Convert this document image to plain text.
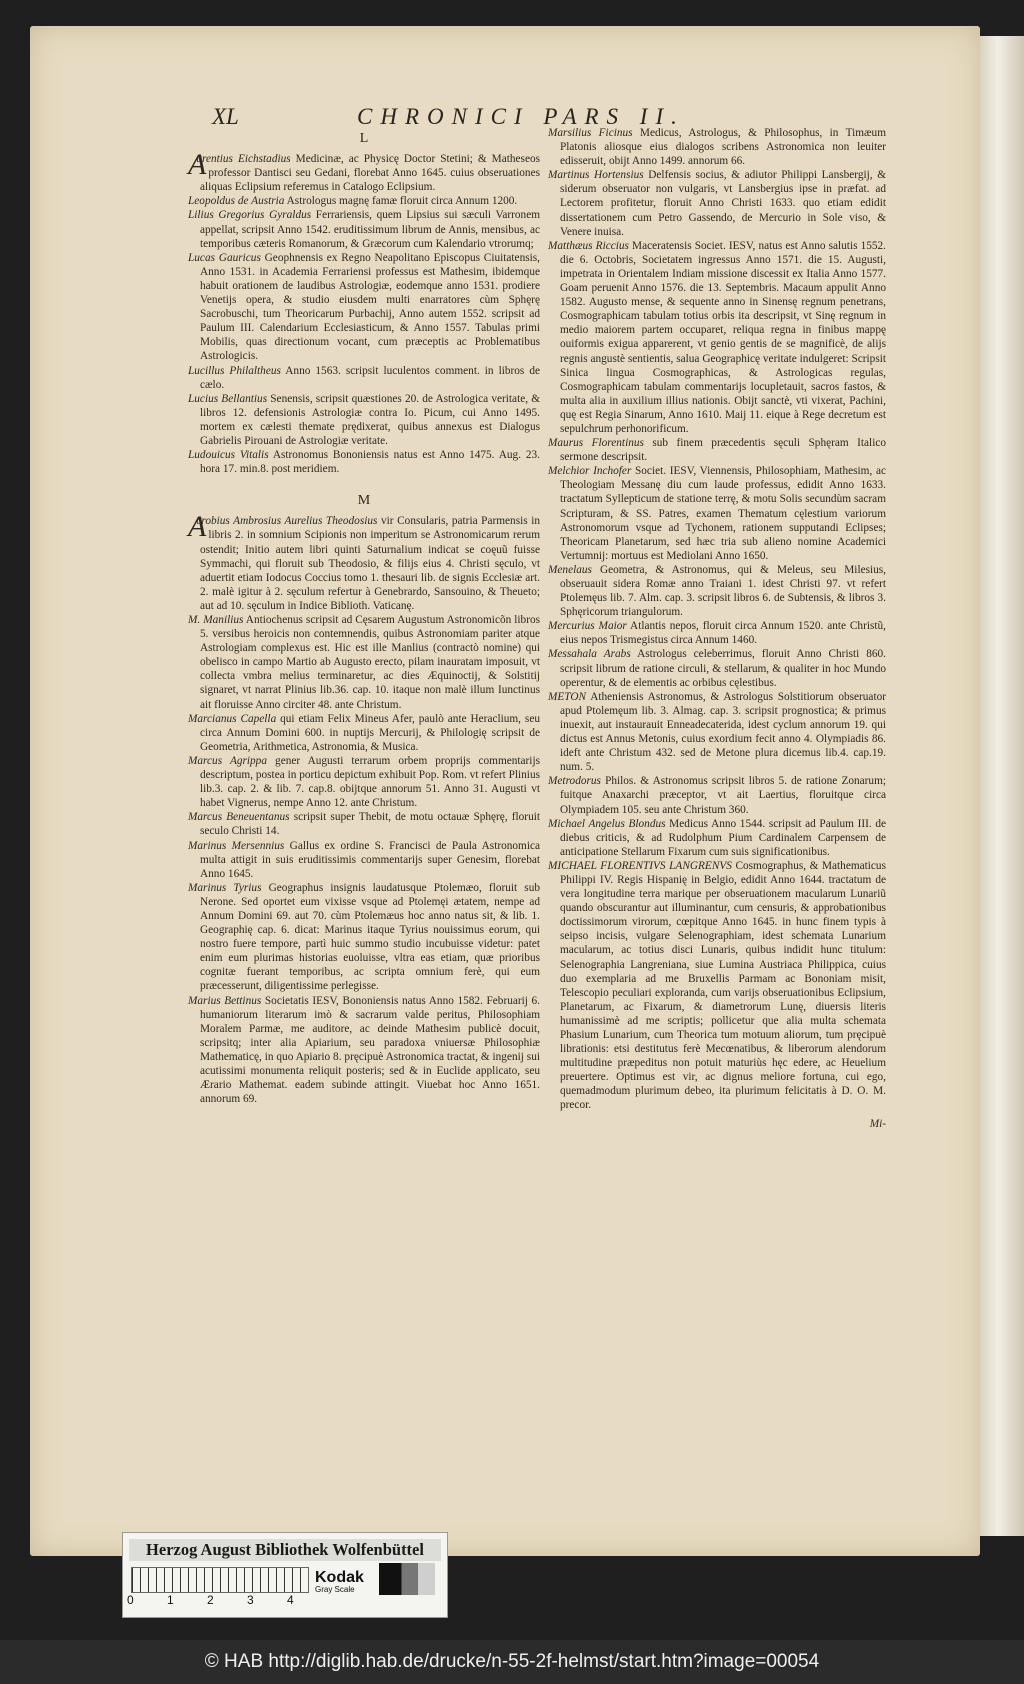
XL	CHRONICI PARS II.
L
Aurentius Eichstadius Medicinæ, ac Physicę Doctor Stetini; & Matheseos professor Dantisci seu Gedani, florebat Anno 1645. cuius obseruationes aliquas Eclipsium referemus in Catalogo Eclipsium.
Leopoldus de Austria Astrologus magnę famæ floruit circa Annum 1200.
Lilius Gregorius Gyraldus Ferrariensis, quem Lipsius sui sæculi Varronem appellat, scripsit Anno 1542. eruditissimum librum de Annis, mensibus, ac temporibus cæteris Romanorum, & Græcorum cum Kalendario vtrorumq;
Lucas Gauricus Geophnensis ex Regno Neapolitano Episcopus Ciuitatensis, Anno 1531. in Academia Ferrariensi professus est Mathesim, ibidemque habuit orationem de laudibus Astrologiæ, eodemque anno 1531. prodiere Venetijs opera, & studio eiusdem multi enarratores cùm Sphęrę Sacrobuschi, tum Theoricarum Purbachij, Anno autem 1552. scripsit ad Paulum III. Calendarium Ecclesiasticum, & Anno 1557. Tabulas primi Mobilis, quas directionum vocant, cum præceptis ac Problematibus Astrologicis.
Lucillus Philaltheus Anno 1563. scripsit luculentos comment. in libros de cælo.
Lucius Bellantius Senensis, scripsit quæstiones 20. de Astrologica veritate, & libros 12. defensionis Astrologiæ contra Io. Picum, cui Anno 1495. mortem ex cælesti themate prędixerat, quibus annexus est Dialogus Gabrielis Pirouani de Astrologiæ veritate.
Ludouicus Vitalis Astronomus Bononiensis natus est Anno 1475. Aug. 23. hora 17. min.8. post meridiem.
M
Acrobius Ambrosius Aurelius Theodosius vir Consularis, patria Parmensis in libris 2. in somnium Scipionis non imperitum se Astronomicarum rerum ostendit; Initio autem libri quinti Saturnalium indicat se coęuũ fuisse Symmachi, qui floruit sub Theodosio, & filijs eius 4. Christi sęculo, vt aduertit etiam Iodocus Coccius tomo 1. thesauri lib. de signis Ecclesiæ art. 2. malè igitur à 2. sęculum refertur à Genebrardo, Sansouino, & Theueto; aut ad 10. sęculum in Indice Biblioth. Vaticanę.
M. Manilius Antiochenus scripsit ad Cęsarem Augustum Astronomicõn libros 5. versibus heroicis non contemnendis, quibus Astronomiam pariter atque Astrologiam complexus est. Hic est ille Manlius (contractò nomine) qui obelisco in campo Martio ab Augusto erecto, pilam inauratam imposuit, vt collecta vmbra melius terminaretur, ac dies Æquinoctij, & Solstitij signaret, vt narrat Plinius lib.36. cap. 10. itaque non malè illum Iunctinus ait floruisse Anno circiter 48. ante Christum.
Marcianus Capella qui etiam Felix Mineus Afer, paulò ante Heraclium, seu circa Annum Domini 600. in nuptijs Mercurij, & Philologię scripsit de Geometria, Arithmetica, Astronomia, & Musica.
Marcus Agrippa gener Augusti terrarum orbem proprijs commentarijs descriptum, postea in porticu depictum exhibuit Pop. Rom. vt refert Plinius lib.3. cap. 2. & lib. 7. cap.8. obijtque annorum 51. Anno 31. Augusti vt habet Vignerus, nempe Anno 12. ante Christum.
Marcus Beneuentanus scripsit super Thebit, de motu octauæ Sphęrę, floruit seculo Christi 14.
Marinus Mersennius Gallus ex ordine S. Francisci de Paula Astronomica multa attigit in suis eruditissimis commentarijs super Genesim, florebat Anno 1645.
Marinus Tyrius Geographus insignis laudatusque Ptolemæo, floruit sub Nerone. Sed oportet eum vixisse vsque ad Ptolemęi ætatem, nempe ad Annum Domini 69. aut 70. cùm Ptolemæus hoc anno natus sit, & lib. 1. Geographię cap. 6. dicat: Marinus itaque Tyrius nouissimus eorum, qui nostro fuere tempore, partì huic summo studio incubuisse videtur: patet enim eum plurimas historias euoluisse, vltra eas etiam, quæ prioribus cognitæ fuerant temporibus, ac scripta omnium ferè, qui eum præcesserunt, diligentissime perlegisse.
Marius Bettinus Societatis IESV, Bononiensis natus Anno 1582. Februarij 6. humaniorum literarum imò & sacrarum valde peritus, Philosophiam Moralem Parmæ, me auditore, ac deinde Mathesim publicè docuit, scripsitq; inter alia Apiarium, seu paradoxa vniuersæ Philosophiæ Mathematicę, in quo Apiario 8. pręcipuè Astronomica tractat, & ingenij sui acutissimi monumenta reliquit posteris; sed & in Euclide applicato, seu Ærario Mathemat. eadem subinde attingit. Viuebat hoc Anno 1651. annorum 69.
Marsilius Ficinus Medicus, Astrologus, & Philosophus, in Timæum Platonis aliosque eius dialogos scribens Astronomica non leuiter edisseruit, obijt Anno 1499. annorum 66.
Martinus Hortensius Delfensis socius, & adiutor Philippi Lansbergij, & siderum obseruator non vulgaris, vt Lansbergius ipse in præfat. ad Lectorem profitetur, floruit Anno Christi 1633. quo etiam edidit dissertationem cum Petro Gassendo, de Mercurio in Sole viso, & Venere inuisa.
Matthæus Riccius Maceratensis Societ. IESV, natus est Anno salutis 1552. die 6. Octobris, Societatem ingressus Anno 1571. die 15. Augusti, impetrata in Orientalem Indiam missione discessit ex Italia Anno 1577. Goam peruenit Anno 1576. die 13. Septembris. Macaum appulit Anno 1582. Augusto mense, & sequente anno in Sinensę regnum penetrans, Cosmographicam tabulam totius orbis ita descripsit, vt Sinę regnum in medio maiorem partem occuparet, reliqua regna in finibus mappę ouiformis exigua apparerent, vt genio gentis de se magnificè, de alijs regnis angustè sentientis, salua Geographicę veritate indulgeret: Scripsit Sinica lingua Cosmographicas, & Astrologicas regulas, Cosmographicam tabulam commentarijs locupletauit, sacros fastos, & multa alia in auxilium illius nationis. Obijt sanctè, vti vixerat, Pachini, quę est Regia Sinarum, Anno 1610. Maij 11. eique à Rege decretum est sepulchrum perhonorificum.
Maurus Florentinus sub finem præcedentis sęculi Sphęram Italico sermone descripsit.
Melchior Inchofer Societ. IESV, Viennensis, Philosophiam, Mathesim, ac Theologiam Messanę diu cum laude professus, edidit Anno 1633. tractatum Syllepticum de statione terrę, & motu Solis secundùm sacram Scripturam, & SS. Patres, examen Thematum cęlestium variorum Astronomorum vsque ad Tychonem, rationem supputandi Eclipses; Theoricam Planetarum, sed hæc tria sub alieno nomine Academici Vertumnij: mortuus est Mediolani Anno 1650.
Menelaus Geometra, & Astronomus, qui & Meleus, seu Milesius, obseruauit sidera Romæ anno Traiani 1. idest Christi 97. vt refert Ptolemęus lib. 7. Alm. cap. 3. scripsit libros 6. de Subtensis, & libros 3. Sphęricorum triangulorum.
Mercurius Maior Atlantis nepos, floruit circa Annum 1520. ante Christũ, eius nepos Trismegistus circa Annum 1460.
Messahala Arabs Astrologus celeberrimus, floruit Anno Christi 860. scripsit librum de ratione circuli, & stellarum, & qualiter in hoc Mundo operentur, & de elementis ac orbibus cęlestibus.
METON Atheniensis Astronomus, & Astrologus Solstitiorum obseruator apud Ptolemęum lib. 3. Almag. cap. 3. scripsit prognostica; & primus inuexit, aut instaurauit Enneadecaterida, idest cyclum annorum 19. qui dictus est Annus Metonis, cuius exordium fecit anno 4. Olympiadis 86. ideft ante Christum 432. sed de Metone plura dicemus lib.4. cap.19. num. 5.
Metrodorus Philos. & Astronomus scripsit libros 5. de ratione Zonarum; fuitque Anaxarchi præceptor, vt ait Laertius, floruitque circa Olympiadem 105. seu ante Christum 360.
Michael Angelus Blondus Medicus Anno 1544. scripsit ad Paulum III. de diebus criticis, & ad Rudolphum Pium Cardinalem Carpensem de anticipatione Stellarum Fixarum cum suis significationibus.
MICHAEL FLORENTIVS LANGRENVS Cosmographus, & Mathematicus Philippi IV. Regis Hispanię in Belgio, edidit Anno 1644. tractatum de vera longitudine terra marique per obseruationem macularum Lunariũ quando obscurantur aut illuminantur, cum censuris, & approbationibus doctissimorum virorum, cœpitque Anno 1645. in hunc finem typis à seipso incisis, vulgare Selenographiam, idest schemata Lunarium macularum, ac totius disci Lunaris, quibus indidit hunc titulum: Selenographia Langreniana, siue Lumina Austriaca Philippica, cuius duo exemplaria ad me Bruxellis Parmam ac Bononiam misit, Telescopio peculiari exploranda, cum varijs obseruationibus Eclipsium, Planetarum, ac Fixarum, & diametrorum Lunę, diuersis literis humanissimè ad me scriptis; pollicetur que alia multa schemata Phasium Lunarium, cum Theorica tum motuum aliorum, tum pręcipuè librationis: etsi destitutus ferè Mecœnatibus, & liberorum alendorum multitudine præpeditus non potuit maturiùs hęc edere, ac Heuelium preuertere. Optimus est vir, ac dignus meliore fortuna, cui ego, quemadmodum plurimum debeo, ita plurimum felicitatis à D. O. M. precor.
Mi-
Herzog August Bibliothek Wolfenbüttel
0	1	2	3	4
Kodak
Gray Scale
© HAB http://diglib.hab.de/drucke/n-55-2f-helmst/start.htm?image=00054
